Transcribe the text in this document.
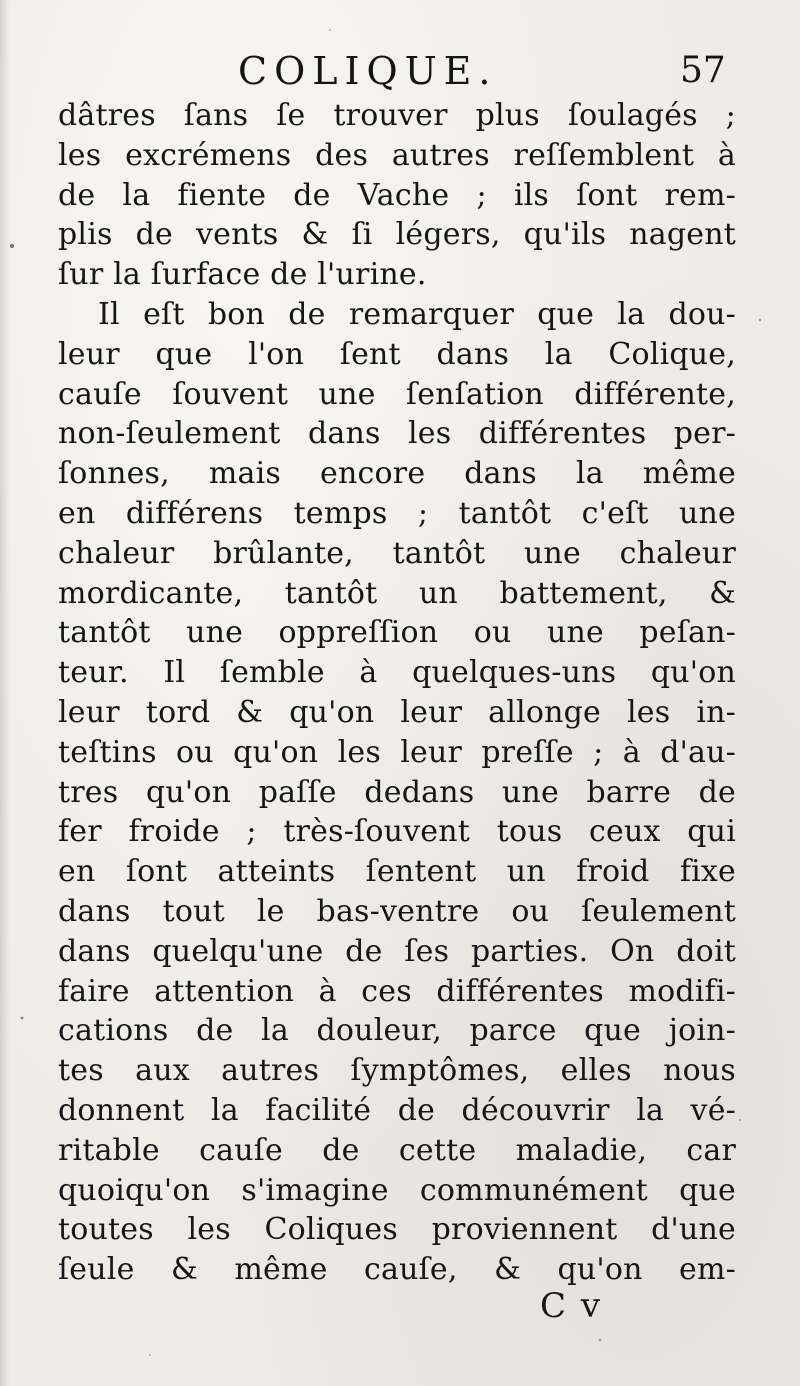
COLIQUE.	57
dâtres ſans ſe trouver plus ſoulagés ;
les excrémens des autres reſſemblent à
de la fiente de Vache ; ils ſont rem-
plis de vents & ſi légers, qu'ils nagent
ſur la ſurface de l'urine.
Il eſt bon de remarquer que la dou-
leur que l'on ſent dans la Colique,
cauſe ſouvent une ſenſation différente,
non-ſeulement dans les différentes per-
ſonnes, mais encore dans la même
en différens temps ; tantôt c'eſt une
chaleur brûlante, tantôt une chaleur
mordicante, tantôt un battement, &
tantôt une oppreſſion ou une peſan-
teur. Il ſemble à quelques-uns qu'on
leur tord & qu'on leur allonge les in-
teſtins ou qu'on les leur preſſe ; à d'au-
tres qu'on paſſe dedans une barre de
fer froide ; très-ſouvent tous ceux qui
en ſont atteints ſentent un froid fixe
dans tout le bas-ventre ou ſeulement
dans quelqu'une de ſes parties. On doit
faire attention à ces différentes modifi-
cations de la douleur, parce que join-
tes aux autres ſymptômes, elles nous
donnent la facilité de découvrir la vé-
ritable cauſe de cette maladie, car
quoiqu'on s'imagine communément que
toutes les Coliques proviennent d'une
ſeule & même cauſe, & qu'on em-
C v
